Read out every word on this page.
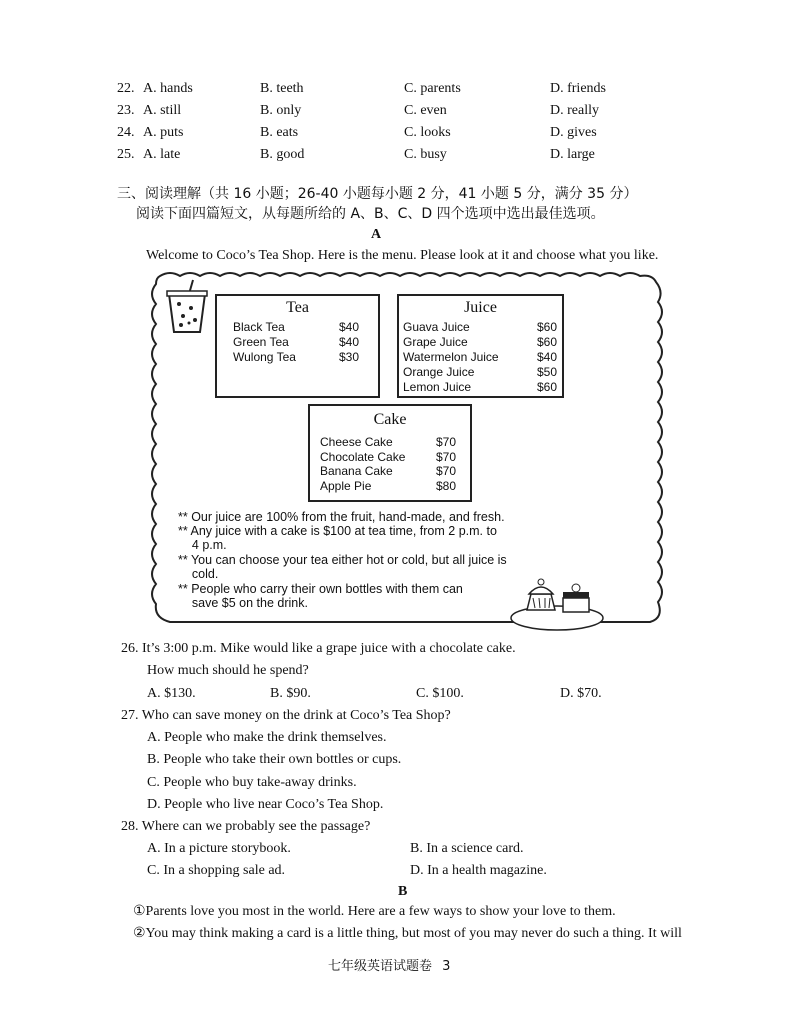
22. A. hands	B. teeth	C. parents	D. friends
23. A. still	B. only	C. even	D. really
24. A. puts	B. eats	C. looks	D. gives
25. A. late	B. good	C. busy	D. large
三、阅读理解（共 16 小题；26-40 小题每小题 2 分，41 小题 5 分，满分 35 分）
阅读下面四篇短文，从每题所给的 A、B、C、D 四个选项中选出最佳选项。
A
Welcome to Coco’s Tea Shop. Here is the menu. Please look at it and choose what you like.
Tea
Black Tea	$40
Green Tea	$40
Wulong Tea	$30
Juice
Guava Juice	$60
Grape Juice	$60
Watermelon Juice	$40
Orange Juice	$50
Lemon Juice	$60
Cake
Cheese Cake	$70
Chocolate Cake	$70
Banana Cake	$70
Apple Pie	$80
** Our juice are 100% from the fruit, hand-made, and fresh.
** Any juice with a cake is $100 at tea time, from 2 p.m. to
4 p.m.
** You can choose your tea either hot or cold, but all juice is
cold.
** People who carry their own bottles with them can
save $5 on the drink.
26. It’s 3:00 p.m. Mike would like a grape juice with a chocolate cake.
How much should he spend?
A. $130.	B. $90.	C. $100.	D. $70.
27. Who can save money on the drink at Coco’s Tea Shop?
A. People who make the drink themselves.
B. People who take their own bottles or cups.
C. People who buy take-away drinks.
D. People who live near Coco’s Tea Shop.
28. Where can we probably see the passage?
A. In a picture storybook.	B. In a science card.
C. In a shopping sale ad.	D. In a health magazine.
B
①Parents love you most in the world. Here are a few ways to show your love to them.
②You may think making a card is a little thing, but most of you may never do such a thing. It will
七年级英语试题卷 3
